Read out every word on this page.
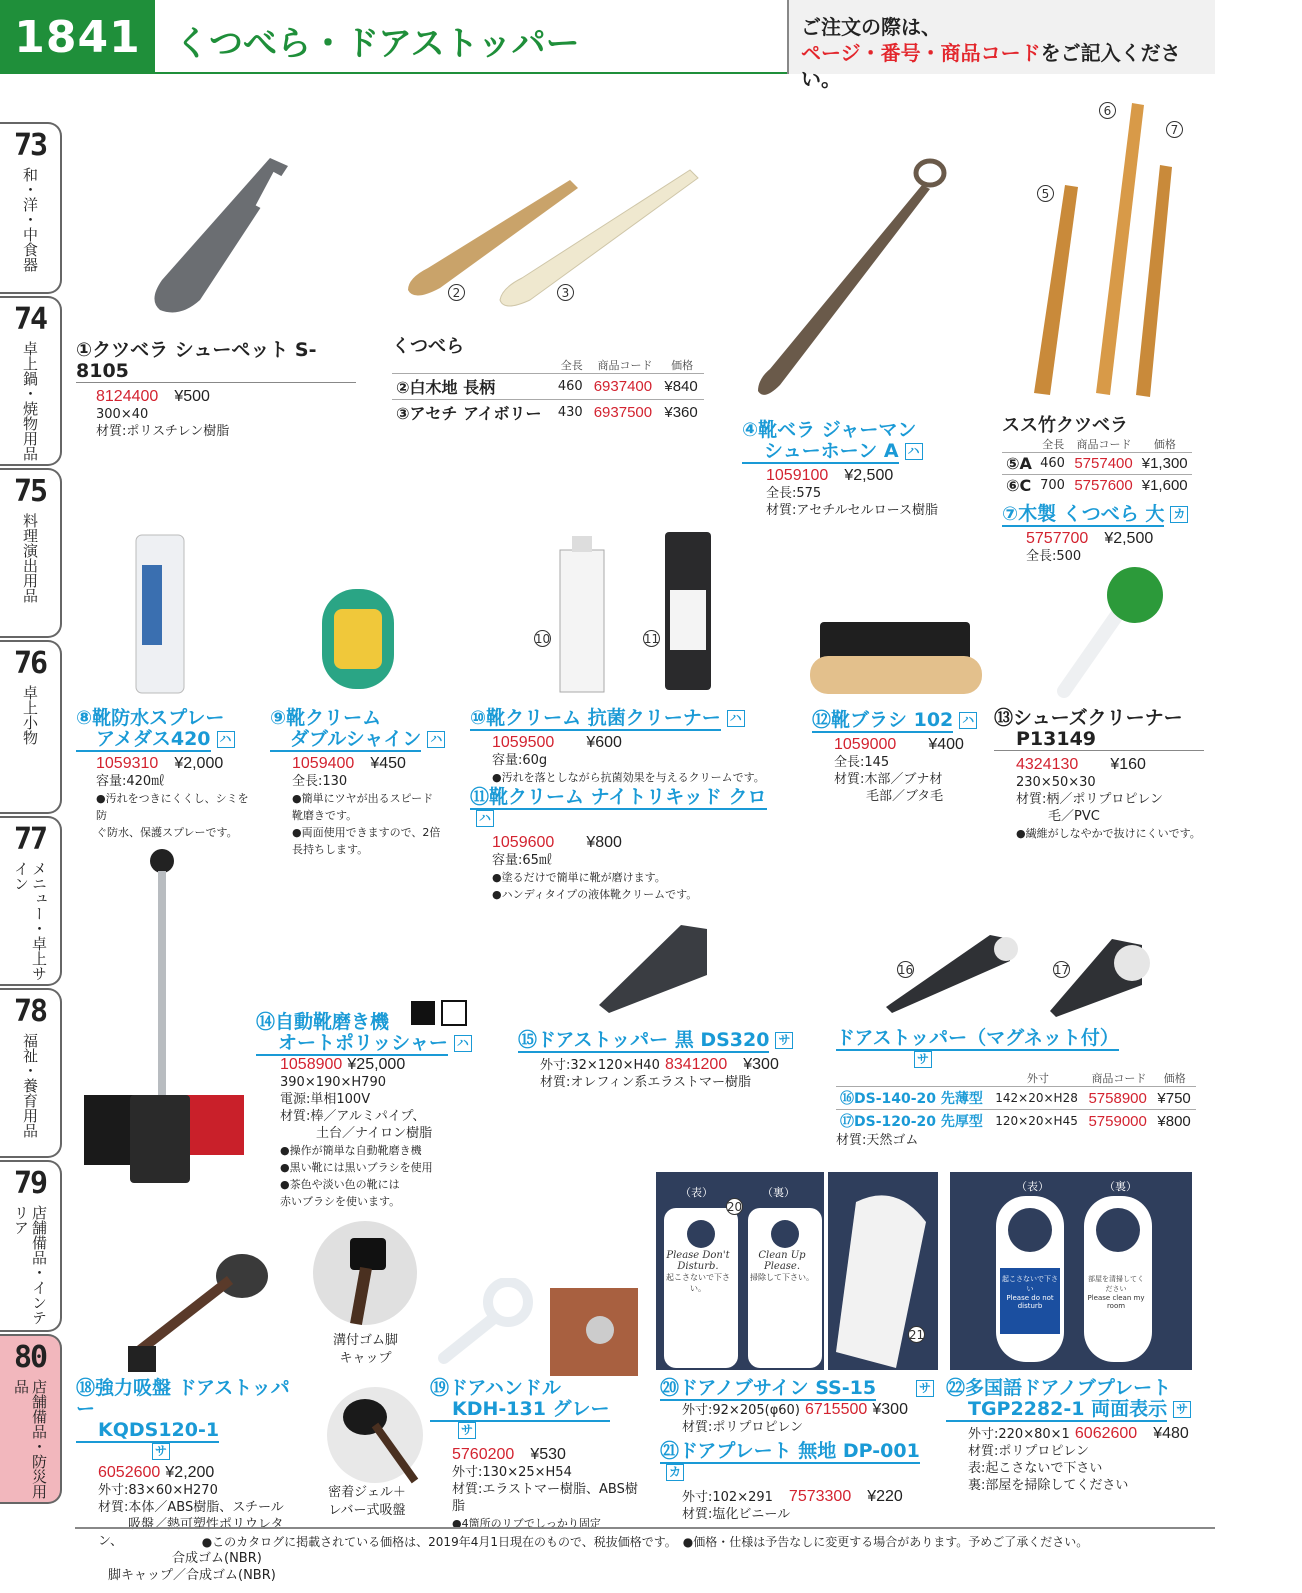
1841	くつべら・ドアストッパー	ご注文の際は、
ページ・番号・商品コードをご記入ください。
73
和・洋・中食器
74
卓上鍋・焼物用品
75
料理演出用品
76
卓上小物
77
メニュー・卓上サイン
78
福祉・養育用品
79
店舗備品・インテリア
80
店舗備品・防災用品
2	3
10	11
16	17
Please Don't Disturb.
起こさないで下さい。
Clean Up Please.
掃除して下さい。
（表）	（裏）
起こさないで下さい
Please do not disturb
部屋を清掃してください
Please clean my room
（表）	（裏）
①クツベラ シューペット S-8105
8124400　 ¥500
300×40
材質:ポリスチレン樹脂
くつべら
	全長	商品コード	価格
②白木地 長柄	460	6937400	¥840
③アセチ アイボリー	430	6937500	¥360
④靴ベラ ジャーマン
シューホーン A ハ
1059100　 ¥2,500
全長:575
材質:アセチルセルロース樹脂
スス竹クツベラ
	全長	商品コード	価格
⑤A	460	5757400	¥1,300
⑥C	700	5757600	¥1,600
⑦木製 くつべら 大 カ
5757700　 ¥2,500
全長:500
⑧靴防水スプレー
アメダス420 ハ
1059310　 ¥2,000
容量:420㎖
●汚れをつきにくくし、シミを防
ぐ防水、保護スプレーです。
⑨靴クリーム
ダブルシャイン ハ
1059400　 ¥450
全長:130
●簡単にツヤが出るスピード
靴磨きです。
●両面使用できますので、2倍
長持ちします。
⑩靴クリーム 抗菌クリーナー ハ
1059500　　 ¥600
容量:60g
●汚れを落としながら抗菌効果を与えるクリームです。
⑪靴クリーム ナイトリキッド クロハ
1059600　　 ¥800
容量:65㎖
●塗るだけで簡単に靴が磨けます。
●ハンディタイプの液体靴クリームです。
⑫靴ブラシ 102 ハ
1059000　　 ¥400
全長:145
材質:木部／ブナ材
毛部／ブタ毛
⑬シューズクリーナー
P13149
4324130　　 ¥160
230×50×30
材質:柄／ポリプロピレン
毛／PVC
●繊維がしなやかで抜けにくいです。
⑭自動靴磨き機
オートポリッシャー ハ
1058900 ¥25,000
390×190×H790
電源:単相100V
材質:棒／アルミパイプ、
土台／ナイロン樹脂
●操作が簡単な自動靴磨き機
●黒い靴には黒いブラシを使用
●茶色や淡い色の靴には
赤いブラシを使います。
⑮ドアストッパー 黒 DS320 サ
外寸:32×120×H40 8341200　 ¥300
材質:オレフィン系エラストマー樹脂
ドアストッパー（マグネット付）サ
	外寸	商品コード	価格
⑯DS-140-20 先薄型	142×20×H28	5758900	¥750
⑰DS-120-20 先厚型	120×20×H45	5759000	¥800
材質:天然ゴム
⑱強力吸盤 ドアストッパー
KQDS120-1サ
6052600 ¥2,200
外寸:83×60×H270
材質:本体／ABS樹脂、スチール
吸盤／熱可塑性ポリウレタン、
合成ゴム(NBR)
脚キャップ／合成ゴム(NBR)
溝付ゴム脚
キャップ
密着ジェル＋
レバー式吸盤
⑲ドアハンドル
KDH-131 グレーサ
5760200　 ¥530
外寸:130×25×H54
材質:エラストマー樹脂、ABS樹脂
●4箇所のリブでしっかり固定
⑳ドアノブサイン SS-15	サ
外寸:92×205(φ60) 6715500 ¥300
材質:ポリプロピレン
㉑ドアプレート 無地 DP-001カ
外寸:102×291　 7573300　 ¥220
材質:塩化ビニール
㉒多国語ドアノブプレート
TGP2282-1 両面表示 サ
外寸:220×80×1 6062600　 ¥480
材質:ポリプロピレン
表:起こさないで下さい
裏:部屋を掃除してください
6
7
5
20
21
●このカタログに掲載されている価格は、2019年4月1日現在のもので、税抜価格です。　●価格・仕様は予告なしに変更する場合があります。予めご了承ください。
